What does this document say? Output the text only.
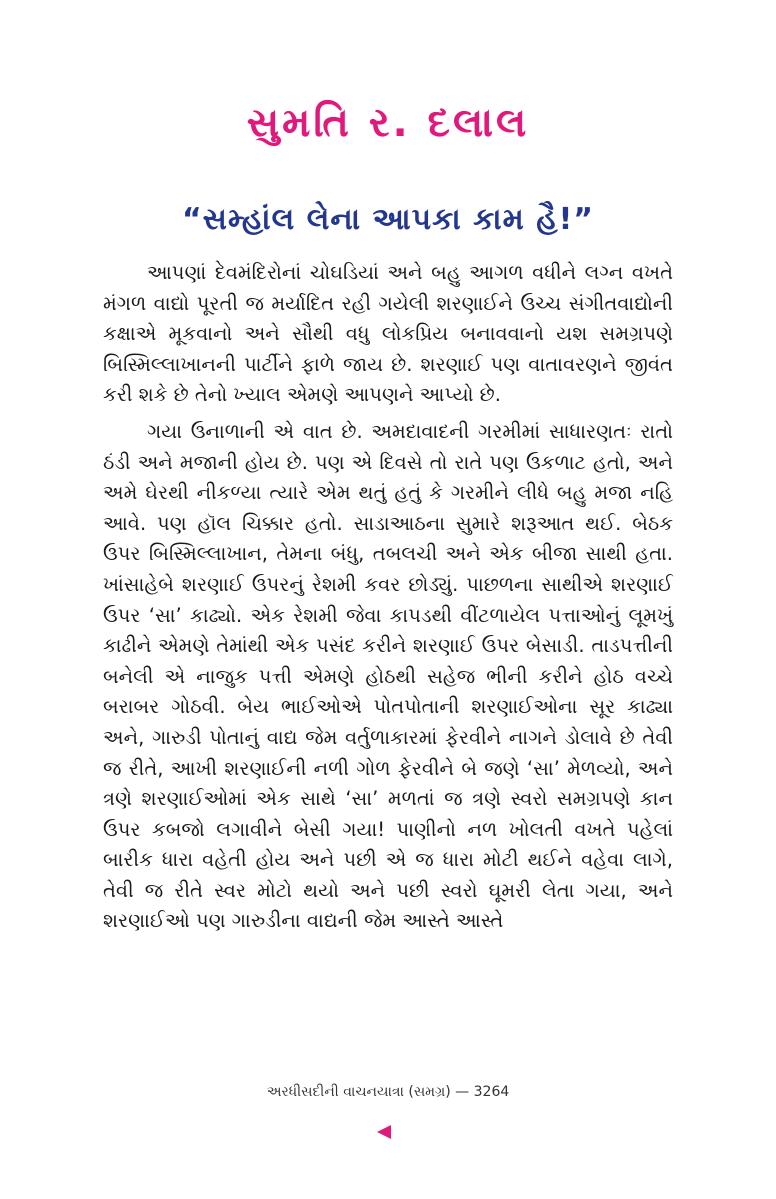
સુમતિ ર. દલાલ
“સમ્હાંલ લેના આપકા કામ હૈ!”

આપણાં દેવમંદિરોનાં ચોઘડિયાં અને બહુ આગળ વધીને લગ્ન વખતે મંગળ વાદ્યો પૂરતી જ મર્યાદિત રહી ગયેલી શરણાઈને ઉચ્ચ સંગીતવાદ્યોની કક્ષાએ મૂકવાનો અને સૌથી વધુ લોકપ્રિય બનાવવાનો યશ સમગ્રપણે બિસ્મિલ્લાખાનની પાર્ટીને ફાળે જાય છે. શરણાઈ પણ વાતાવરણને જીવંત કરી શકે છે તેનો ખ્યાલ એમણે આપણને આપ્યો છે.

ગયા ઉનાળાની એ વાત છે. અમદાવાદની ગરમીમાં સાધારણતઃ રાતો ઠંડી અને મજાની હોય છે. પણ એ દિવસે તો રાતે પણ ઉકળાટ હતો, અને અમે ઘેરથી નીકળ્યા ત્યારે એમ થતું હતું કે ગરમીને લીધે બહુ મજા નહિ આવે. પણ હૉલ ચિક્કાર હતો. સાડાઆઠના સુમારે શરૂઆત થઈ. બેઠક ઉપર બિસ્મિલ્લાખાન, તેમના બંધુ, તબલચી અને એક બીજા સાથી હતા. ખાંસાહેબે શરણાઈ ઉપરનું રેશમી કવર છોડ્યું. પાછળના સાથીએ શરણાઈ ઉપર ‘સા’ કાઢ્યો. એક રેશમી જેવા કાપડથી વીંટળાયેલ પત્તાઓનું લૂમખું કાઢીને એમણે તેમાંથી એક પસંદ કરીને શરણાઈ ઉપર બેસાડી. તાડપત્તીની બનેલી એ નાજુક પત્તી એમણે હોઠથી સહેજ ભીની કરીને હોઠ વચ્ચે બરાબર ગોઠવી. બેય ભાઈઓએ પોતપોતાની શરણાઈઓના સૂર કાઢ્યા અને, ગારુડી પોતાનું વાદ્ય જેમ વર્તુળાકારમાં ફેરવીને નાગને ડોલાવે છે તેવી જ રીતે, આખી શરણાઈની નળી ગોળ ફેરવીને બે જણે ‘સા’ મેળવ્યો, અને ત્રણે શરણાઈઓમાં એક સાથે ‘સા’ મળતાં જ ત્રણે સ્વરો સમગ્રપણે કાન ઉપર કબજો લગાવીને બેસી ગયા! પાણીનો નળ ખોલતી વખતે પહેલાં બારીક ધારા વહેતી હોય અને પછી એ જ ધારા મોટી થઈને વહેવા લાગે, તેવી જ રીતે સ્વર મોટો થયો અને પછી સ્વરો ઘૂમરી લેતા ગયા, અને શરણાઈઓ પણ ગારુડીના વાદ્યની જેમ આસ્તે આસ્તે

અરધીસદીની વાચનયાત્રા (સમગ્ર) — 3264
